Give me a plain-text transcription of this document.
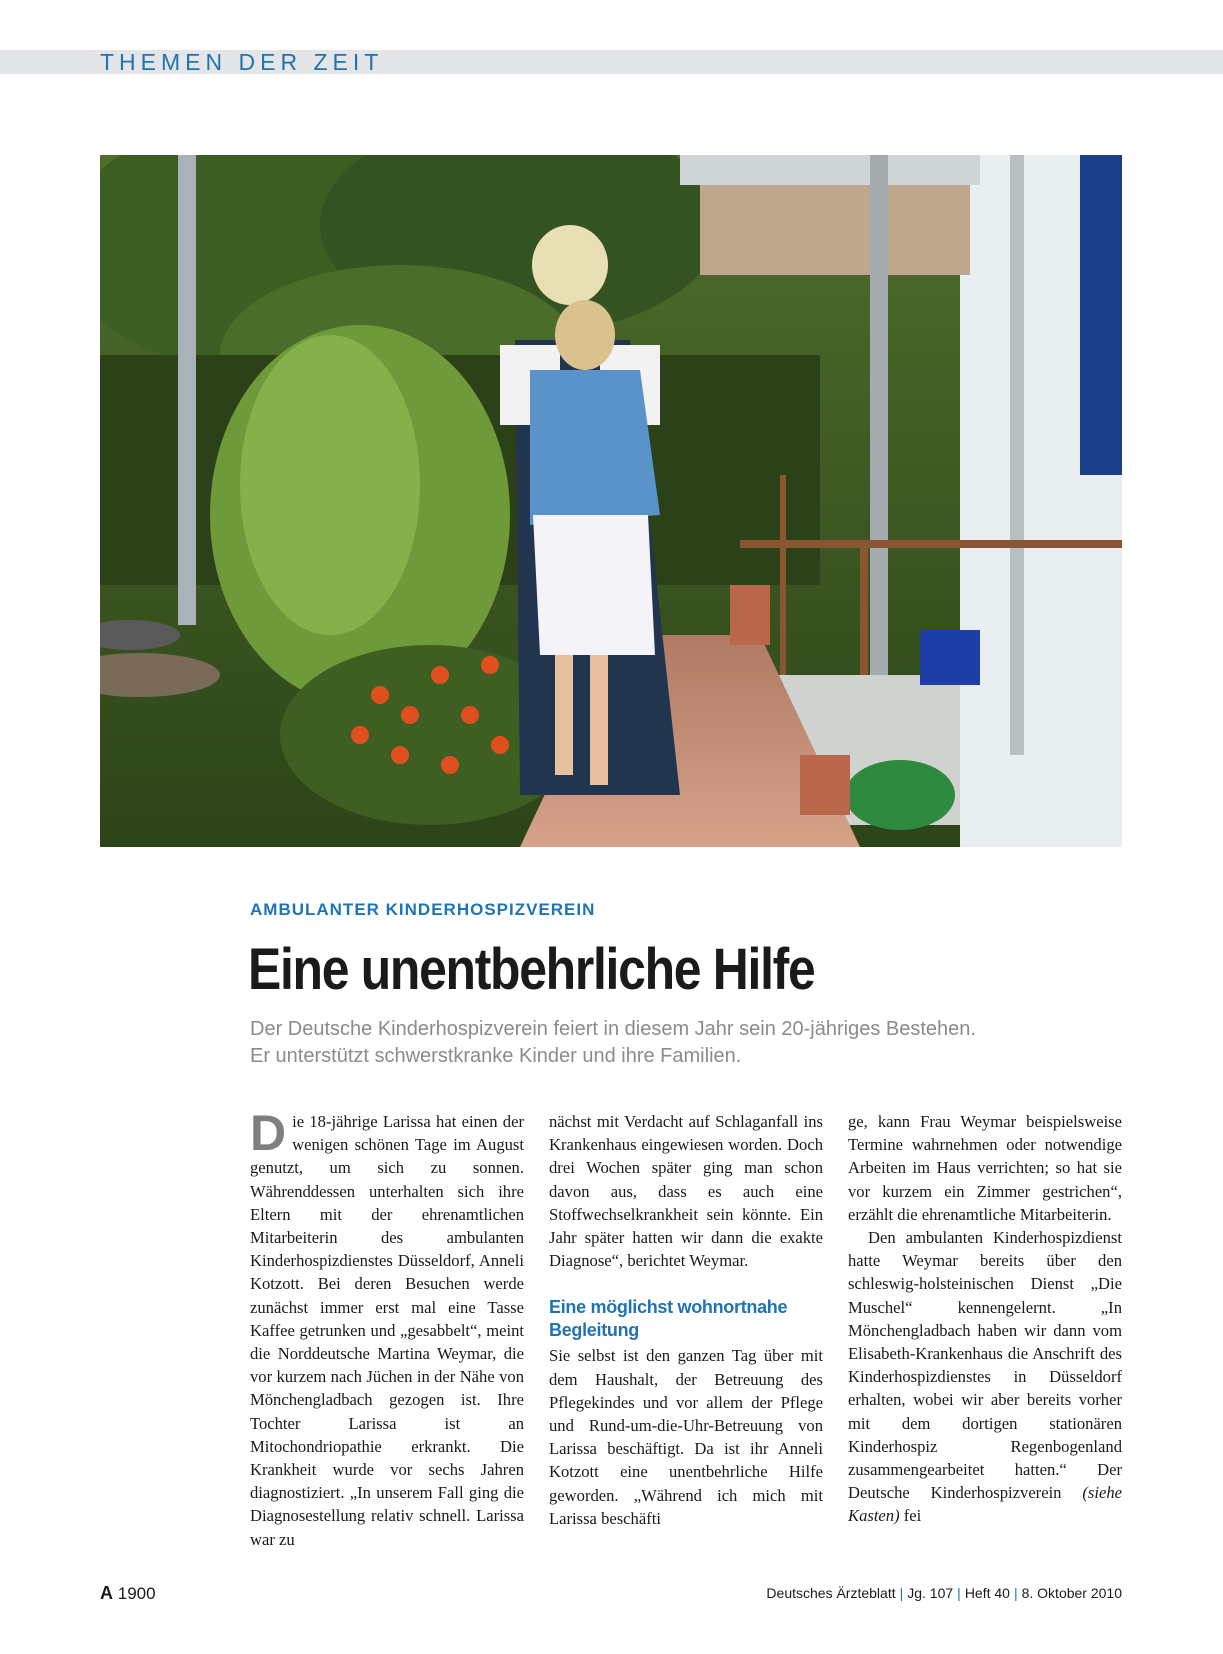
THEMEN DER ZEIT
AMBULANTER KINDERHOSPIZVEREIN
Eine unentbehrliche Hilfe
Der Deutsche Kinderhospizverein feiert in diesem Jahr sein 20-jähriges Bestehen.
Er unterstützt schwerstkranke Kinder und ihre Familien.

Die 18-jährige Larissa hat einen der wenigen schönen Tage im August genutzt, um sich zu sonnen. Währenddessen unterhalten sich ihre Eltern mit der ehrenamtlichen Mitarbeiterin des ambulanten Kinderhospizdienstes Düsseldorf, Anneli Kotzott. Bei deren Besuchen werde zunächst immer erst mal eine Tasse Kaffee getrunken und „gesabbelt“, meint die Norddeutsche Martina Weymar, die vor kurzem nach Jüchen in der Nähe von Mönchengladbach gezogen ist. Ihre Tochter Larissa ist an Mitochondriopathie erkrankt. Die Krankheit wurde vor sechs Jahren diagnostiziert. „In unserem Fall ging die Diagnosestellung relativ schnell. Larissa war zu

nächst mit Verdacht auf Schlaganfall ins Krankenhaus eingewiesen worden. Doch drei Wochen später ging man schon davon aus, dass es auch eine Stoffwechselkrankheit sein könnte. Ein Jahr später hatten wir dann die exakte Diagnose“, berichtet Weymar.

Eine möglichst wohnortnahe
Begleitung

Sie selbst ist den ganzen Tag über mit dem Haushalt, der Betreuung des Pflegekindes und vor allem der Pflege und Rund-um-die-Uhr-Betreuung von Larissa beschäftigt. Da ist ihr Anneli Kotzott eine unentbehrliche Hilfe geworden. „Während ich mich mit Larissa beschäfti

ge, kann Frau Weymar beispielsweise Termine wahrnehmen oder notwendige Arbeiten im Haus verrichten; so hat sie vor kurzem ein Zimmer gestrichen“, erzählt die ehrenamtliche Mitarbeiterin.

Den ambulanten Kinderhospizdienst hatte Weymar bereits über den schleswig-holsteinischen Dienst „Die Muschel“ kennengelernt. „In Mönchengladbach haben wir dann vom Elisabeth-Krankenhaus die Anschrift des Kinderhospizdienstes in Düsseldorf erhalten, wobei wir aber bereits vorher mit dem dortigen stationären Kinderhospiz Regenbogenland zusammengearbeitet hatten.“ Der Deutsche Kinderhospizverein (siehe Kasten) fei

A 1900	Deutsches Ärzteblatt | Jg. 107 | Heft 40 | 8. Oktober 2010
